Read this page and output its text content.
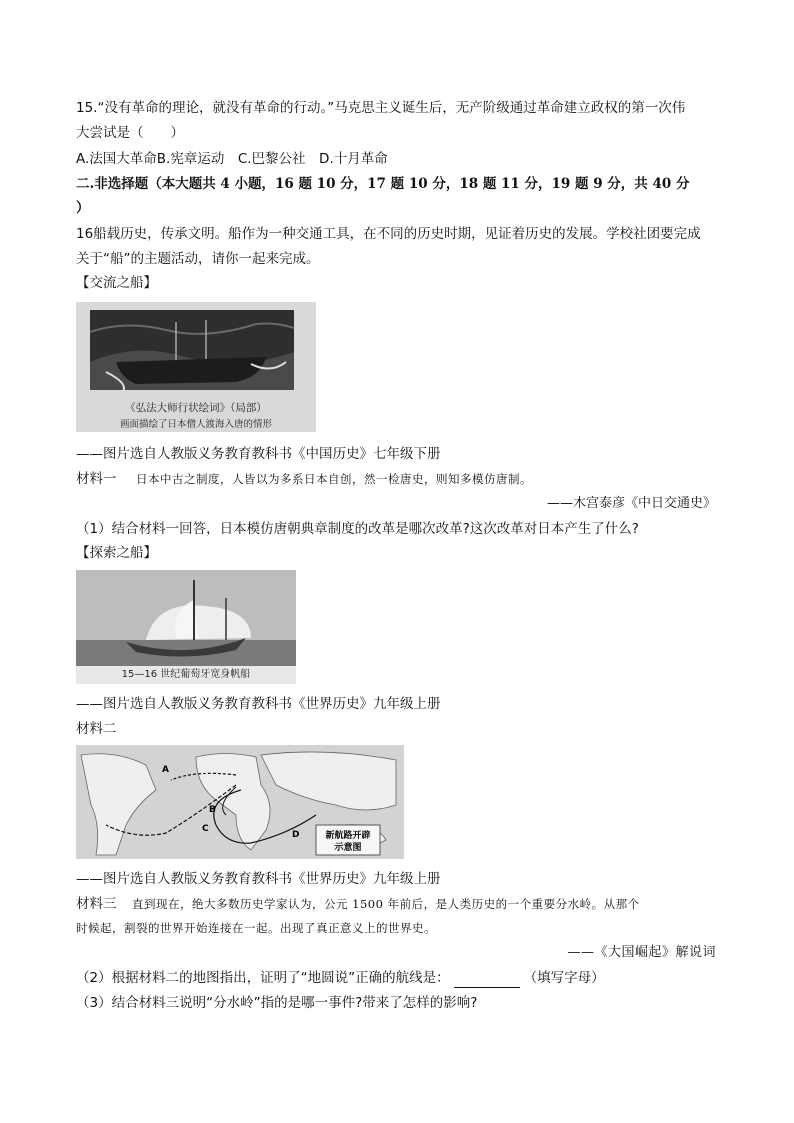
15.“没有革命的理论，就没有革命的行动。”马克思主义诞生后，无产阶级通过革命建立政权的第一次伟
大尝试是（　　）
A.法国大革命B.宪章运动　C.巴黎公社　D.十月革命
二.非选择题（本大题共 4 小题，16 题 10 分，17 题 10 分，18 题 11 分，19 题 9 分，共 40 分
）
16船载历史，传承文明。船作为一种交通工具，在不同的历史时期，见证着历史的发展。学校社团要完成
关于“船”的主题活动，请你一起来完成。
【交流之船】
《弘法大师行状绘词》（局部）
画面描绘了日本僧人渡海入唐的情形
——图片选自人教版义务教育教科书《中国历史》七年级下册
材料一 日本中古之制度，人皆以为多系日本自创，然一检唐史，则知多模仿唐制。
——木宫泰彦《中日交通史》
（1）结合材料一回答，日本模仿唐朝典章制度的改革是哪次改革?这次改革对日本产生了什么?
【探索之船】
15—16 世纪葡萄牙宽身帆船
——图片选自人教版义务教育教科书《世界历史》九年级上册
材料二
A
B
C
D	新航路开辟
示意图
——图片选自人教版义务教育教科书《世界历史》九年级上册
材料三 直到现在，绝大多数历史学家认为，公元 1500 年前后，是人类历史的一个重要分水岭。从那个
时候起，割裂的世界开始连接在一起。出现了真正意义上的世界史。
——《大国崛起》解说词
（2）根据材料二的地图指出，证明了“地圆说”正确的航线是：	（填写字母）
（3）结合材料三说明“分水岭”指的是哪一事件?带来了怎样的影响?
